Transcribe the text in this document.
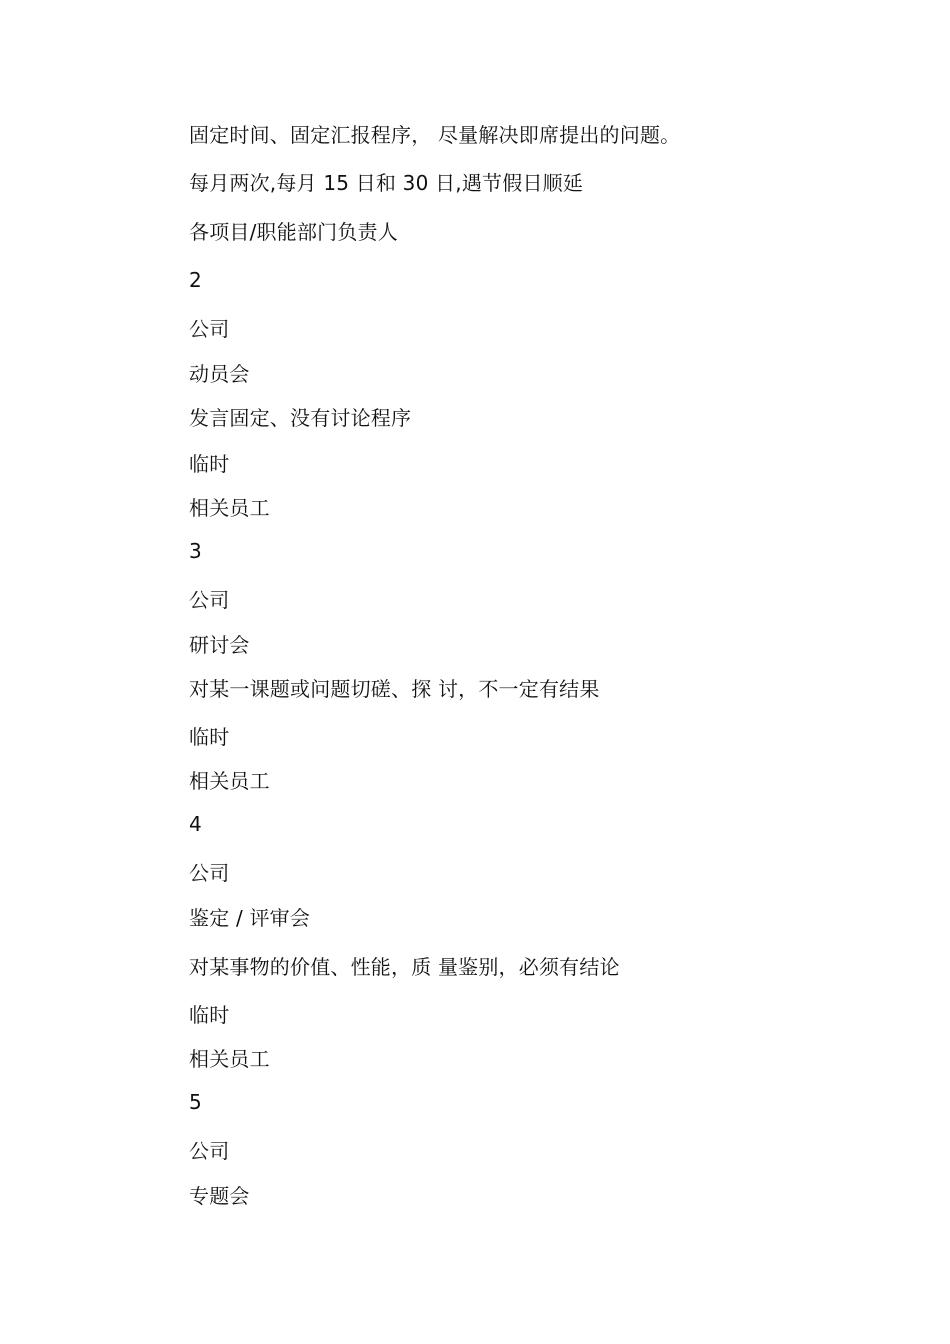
固定时间、固定汇报程序， 尽量解决即席提出的问题。
每月两次,每月 15 日和 30 日,遇节假日顺延
各项目/职能部门负责人
2
公司
动员会
发言固定、没有讨论程序
临时
相关员工
3
公司
研讨会
对某一课题或问题切磋、探 讨，不一定有结果
临时
相关员工
4
公司
鉴定 / 评审会
对某事物的价值、性能，质 量鉴别，必须有结论
临时
相关员工
5
公司
专题会
